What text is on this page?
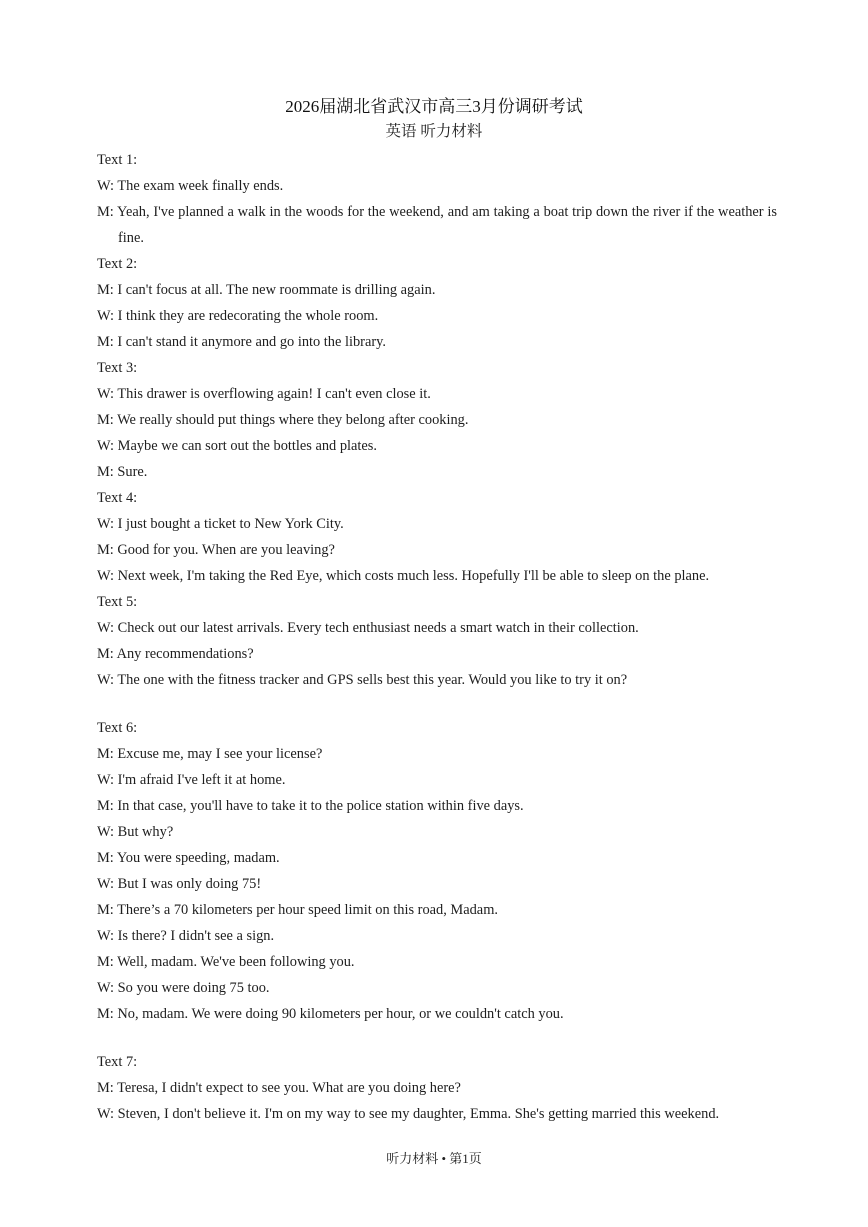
2026届湖北省武汉市高三3月份调研考试
英语 听力材料

Text 1:

W: The exam week finally ends.

M: Yeah, I've planned a walk in the woods for the weekend, and am taking a boat trip down the river if the weather is fine.

Text 2:

M: I can't focus at all. The new roommate is drilling again.

W: I think they are redecorating the whole room.

M: I can't stand it anymore and go into the library.

Text 3:

W: This drawer is overflowing again! I can't even close it.

M: We really should put things where they belong after cooking.

W: Maybe we can sort out the bottles and plates.

M: Sure.

Text 4:

W: I just bought a ticket to New York City.

M: Good for you. When are you leaving?

W: Next week, I'm taking the Red Eye, which costs much less. Hopefully I'll be able to sleep on the plane.

Text 5:

W: Check out our latest arrivals. Every tech enthusiast needs a smart watch in their collection.

M: Any recommendations?

W: The one with the fitness tracker and GPS sells best this year. Would you like to try it on?

Text 6:

M: Excuse me, may I see your license?

W: I'm afraid I've left it at home.

M: In that case, you'll have to take it to the police station within five days.

W: But why?

M: You were speeding, madam.

W: But I was only doing 75!

M: There’s a 70 kilometers per hour speed limit on this road, Madam.

W: Is there? I didn't see a sign.

M: Well, madam. We've been following you.

W: So you were doing 75 too.

M: No, madam. We were doing 90 kilometers per hour, or we couldn't catch you.

Text 7:

M: Teresa, I didn't expect to see you. What are you doing here?

W: Steven, I don't believe it. I'm on my way to see my daughter, Emma. She's getting married this weekend.

听力材料 • 第1页
